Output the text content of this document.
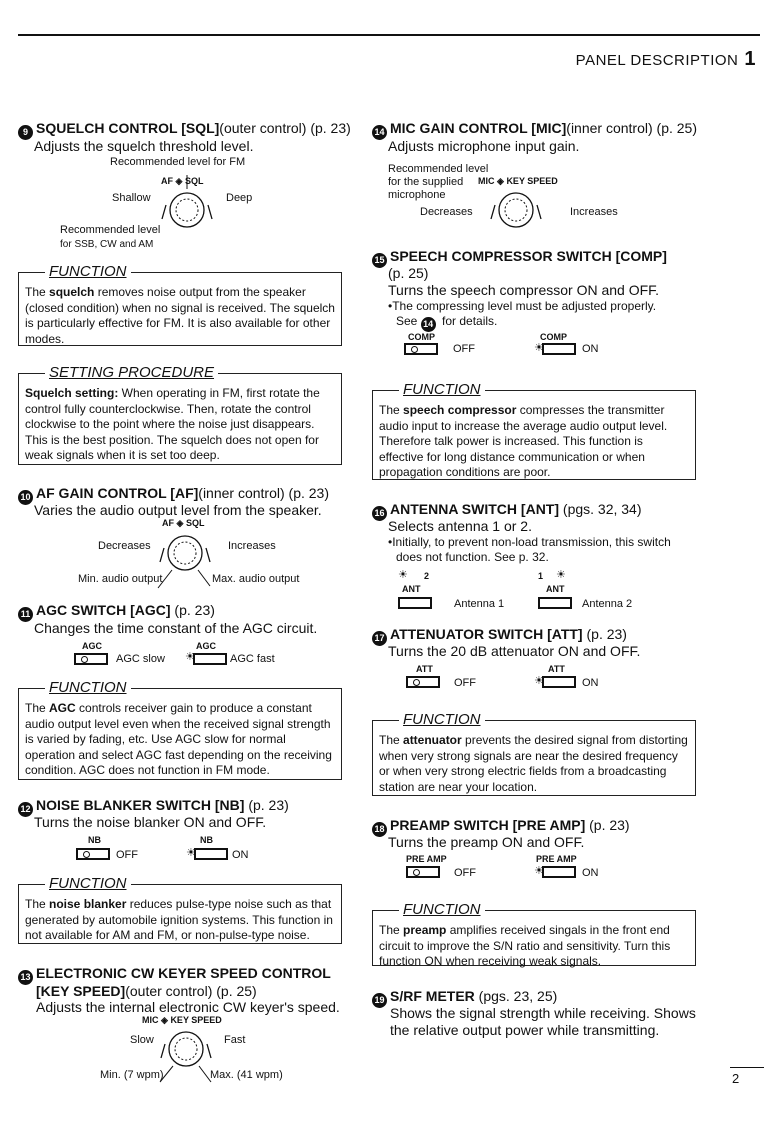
PANEL DESCRIPTION 1
9 SQUELCH CONTROL [SQL](outer control) (p. 23)
Adjusts the squelch threshold level.
Recommended level for FM
AF ◈ SQL
Shallow	Deep
Recommended level
for SSB, CW and AM
FUNCTION
The squelch removes noise output from the speaker (closed condition) when no signal is received. The squelch is particularly effective for FM. It is also available for other modes.
SETTING PROCEDURE
Squelch setting: When operating in FM, first rotate the control fully counterclockwise. Then, rotate the control clockwise to the point where the noise just disappears. This is the best position. The squelch does not open for weak signals when it is set too deep.
10 AF GAIN CONTROL [AF](inner control) (p. 23)
Varies the audio output level from the speaker.
AF ◈ SQL
Decreases	Increases
Min. audio output	Max. audio output
11 AGC SWITCH [AGC] (p. 23)
Changes the time constant of the AGC circuit.
AGC
AGC slow
AGC
☀	AGC fast
FUNCTION
The AGC controls receiver gain to produce a constant audio output level even when the received signal strength is varied by fading, etc. Use AGC slow for normal operation and select AGC fast depending on the receiving condition. AGC does not function in FM mode.
12 NOISE BLANKER SWITCH [NB] (p. 23)
Turns the noise blanker ON and OFF.
NB
OFF
NB
☀	ON
FUNCTION
The noise blanker reduces pulse-type noise such as that generated by automobile ignition systems. This function in not available for AM and FM, or non-pulse-type noise.
13 ELECTRONIC CW KEYER SPEED CONTROL
[KEY SPEED](outer control) (p. 25)
Adjusts the internal electronic CW keyer's speed.
MIC ◈ KEY SPEED
Slow	Fast
Min. (7 wpm)	Max. (41 wpm)
14 MIC GAIN CONTROL [MIC](inner control) (p. 25)
Adjusts microphone input gain.
Recommended level
for the supplied
microphone
MIC ◈ KEY SPEED
Decreases	Increases
15 SPEECH COMPRESSOR SWITCH [COMP]
(p. 25)
Turns the speech compressor ON and OFF.
•The compressing level must be adjusted properly.
See 14 for details.
COMP
OFF
COMP
☀	ON
FUNCTION
The speech compressor compresses the transmitter audio input to increase the average audio output level. Therefore talk power is increased. This function is effective for long distance communication or when propagation conditions are poor.
16 ANTENNA SWITCH [ANT] (pgs. 32, 34)
Selects antenna 1 or 2.
•Initially, to prevent non-load transmission, this switch
does not function. See p. 32.
☀ 2
ANT
Antenna 1
1 ☀
ANT
Antenna 2
17 ATTENUATOR SWITCH [ATT] (p. 23)
Turns the 20 dB attenuator ON and OFF.
ATT
OFF
ATT
☀	ON
FUNCTION
The attenuator prevents the desired signal from distorting when very strong signals are near the desired frequency or when very strong electric fields from a broadcasting station are near your location.
18 PREAMP SWITCH [PRE AMP] (p. 23)
Turns the preamp ON and OFF.
PRE AMP
OFF
PRE AMP
☀	ON
FUNCTION
The preamp amplifies received singals in the front end circuit to improve the S/N ratio and sensitivity. Turn this function ON when receiving weak signals.
19 S/RF METER (pgs. 23, 25)
Shows the signal strength while receiving. Shows
the relative output power while transmitting.
2
